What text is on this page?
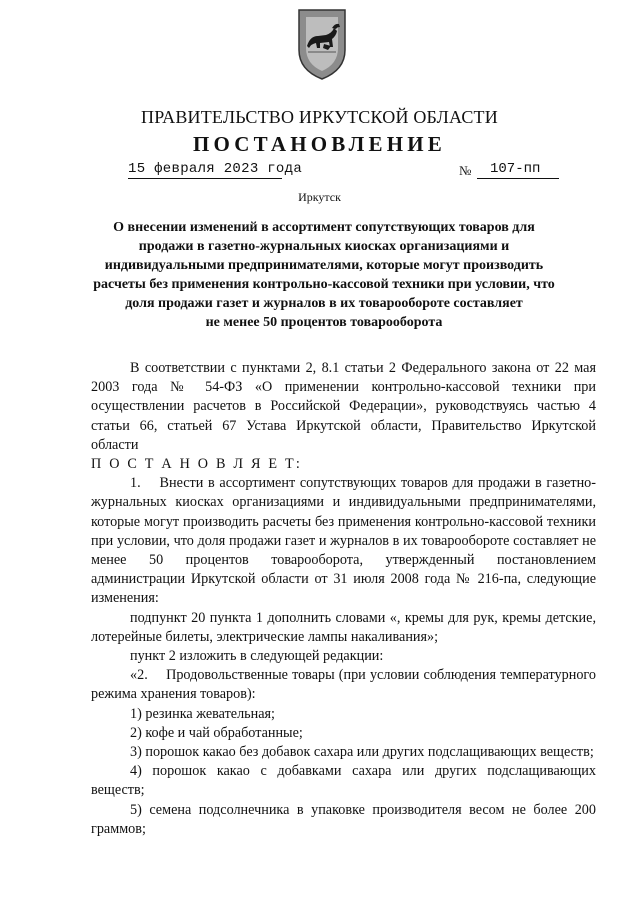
ПРАВИТЕЛЬСТВО ИРКУТСКОЙ ОБЛАСТИ
ПОСТАНОВЛЕНИЕ
15 февраля 2023 года	№ 107-пп
Иркутск
О внесении изменений в ассортимент сопутствующих товаров для
продажи в газетно-журнальных киосках организациями и
индивидуальными предпринимателями, которые могут производить
расчеты без применения контрольно-кассовой техники при условии, что
доля продажи газет и журналов в их товарообороте составляет
не менее 50 процентов товарооборота

В соответствии с пунктами 2, 8.1 статьи 2 Федерального закона от 22 мая 2003 года № 54-ФЗ «О применении контрольно-кассовой техники при осуществлении расчетов в Российской Федерации», руководствуясь частью 4 статьи 66, статьей 67 Устава Иркутской области, Правительство Иркутской области

П О С Т А Н О В Л Я Е Т:

1.  Внести в ассортимент сопутствующих товаров для продажи в газетно-журнальных киосках организациями и индивидуальными предпринимателями, которые могут производить расчеты без применения контрольно-кассовой техники при условии, что доля продажи газет и журналов в их товарообороте составляет не менее 50 процентов товарооборота, утвержденный постановлением администрации Иркутской области от 31 июля 2008 года № 216-па, следующие изменения:

подпункт 20 пункта 1 дополнить словами «, кремы для рук, кремы детские, лотерейные билеты, электрические лампы накаливания»;

пункт 2 изложить в следующей редакции:

«2.  Продовольственные товары (при условии соблюдения температурного режима хранения товаров):

1) резинка жевательная;

2) кофе и чай обработанные;

3) порошок какао без добавок сахара или других подслащивающих веществ;

4) порошок какао с добавками сахара или других подслащивающих веществ;

5) семена подсолнечника в упаковке производителя весом не более 200 граммов;
